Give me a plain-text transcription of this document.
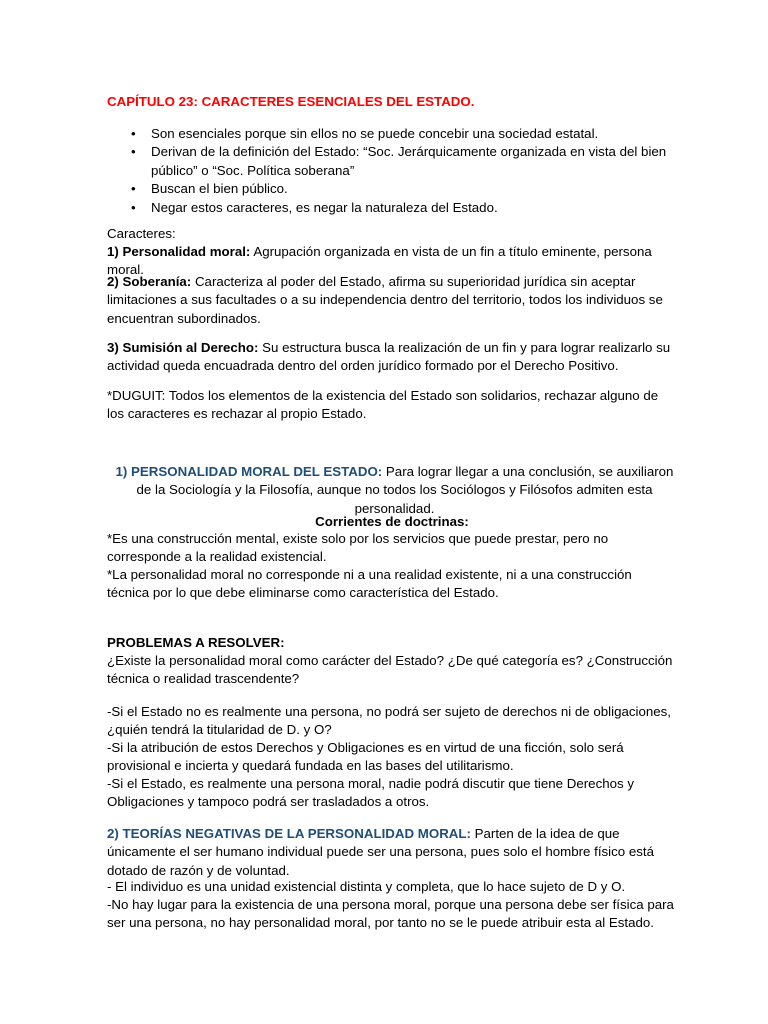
CAPÍTULO 23: CARACTERES ESENCIALES DEL ESTADO.

• Son esenciales porque sin ellos no se puede concebir una sociedad estatal.
• Derivan de la definición del Estado: “Soc. Jerárquicamente organizada en vista del bien público” o “Soc. Política soberana”
• Buscan el bien público.
• Negar estos caracteres, es negar la naturaleza del Estado.

Caracteres:

1) Personalidad moral: Agrupación organizada en vista de un fin a título eminente, persona moral.

2) Soberanía: Caracteriza al poder del Estado, afirma su superioridad jurídica sin aceptar limitaciones a sus facultades o a su independencia dentro del territorio, todos los individuos se encuentran subordinados.

3) Sumisión al Derecho: Su estructura busca la realización de un fin y para lograr realizarlo su actividad queda encuadrada dentro del orden jurídico formado por el Derecho Positivo.

*DUGUIT: Todos los elementos de la existencia del Estado son solidarios, rechazar alguno de los caracteres es rechazar al propio Estado.

1) PERSONALIDAD MORAL DEL ESTADO: Para lograr llegar a una conclusión, se auxiliaron de la Sociología y la Filosofía, aunque no todos los Sociólogos y Filósofos admiten esta personalidad.

Corrientes de doctrinas:

*Es una construcción mental, existe solo por los servicios que puede prestar, pero no corresponde a la realidad existencial.

*La personalidad moral no corresponde ni a una realidad existente, ni a una construcción técnica por lo que debe eliminarse como característica del Estado.

PROBLEMAS A RESOLVER:

¿Existe la personalidad moral como carácter del Estado? ¿De qué categoría es? ¿Construcción técnica o realidad trascendente?

-Si el Estado no es realmente una persona, no podrá ser sujeto de derechos ni de obligaciones, ¿quién tendrá la titularidad de D. y O?

-Si la atribución de estos Derechos y Obligaciones es en virtud de una ficción, solo será provisional e incierta y quedará fundada en las bases del utilitarismo.

-Si el Estado, es realmente una persona moral, nadie podrá discutir que tiene Derechos y Obligaciones y tampoco podrá ser trasladados a otros.

2) TEORÍAS NEGATIVAS DE LA PERSONALIDAD MORAL: Parten de la idea de que únicamente el ser humano individual puede ser una persona, pues solo el hombre físico está dotado de razón y de voluntad.

- El individuo es una unidad existencial distinta y completa, que lo hace sujeto de D y O.

-No hay lugar para la existencia de una persona moral, porque una persona debe ser física para ser una persona, no hay personalidad moral, por tanto no se le puede atribuir esta al Estado.
